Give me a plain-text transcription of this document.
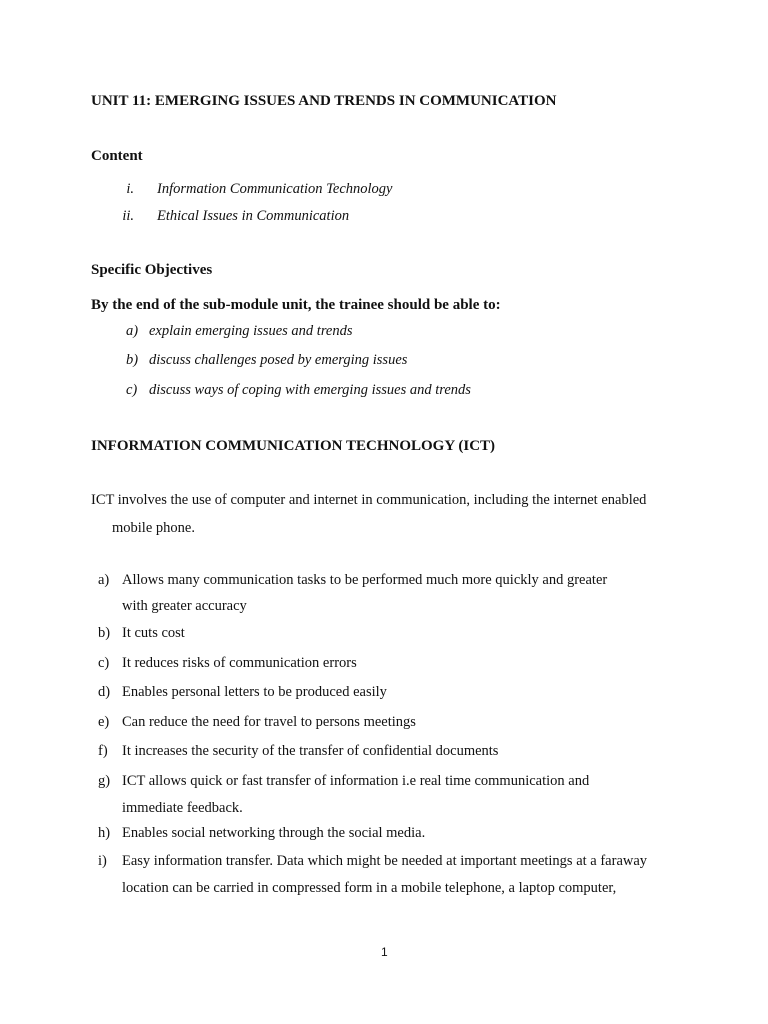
UNIT 11: EMERGING ISSUES AND TRENDS IN COMMUNICATION
Content
i. Information Communication Technology
ii. Ethical Issues in Communication
Specific Objectives
By the end of the sub-module unit, the trainee should be able to:
a) explain emerging issues and trends
b) discuss challenges posed by emerging issues
c) discuss ways of coping with emerging issues and trends
INFORMATION COMMUNICATION TECHNOLOGY (ICT)
ICT involves the use of computer and internet in communication, including the internet enabled
mobile phone.
a) Allows many communication tasks to be performed much more quickly and greater
with greater accuracy
b) It cuts cost
c) It reduces risks of communication errors
d) Enables personal letters to be produced easily
e) Can reduce the need for travel to persons meetings
f) It increases the security of the transfer of confidential documents
g) ICT allows quick or fast transfer of information i.e real time communication and
immediate feedback.
h) Enables social networking through the social media.
i) Easy information transfer. Data which might be needed at important meetings at a faraway
location can be carried in compressed form in a mobile telephone, a laptop computer,
1
